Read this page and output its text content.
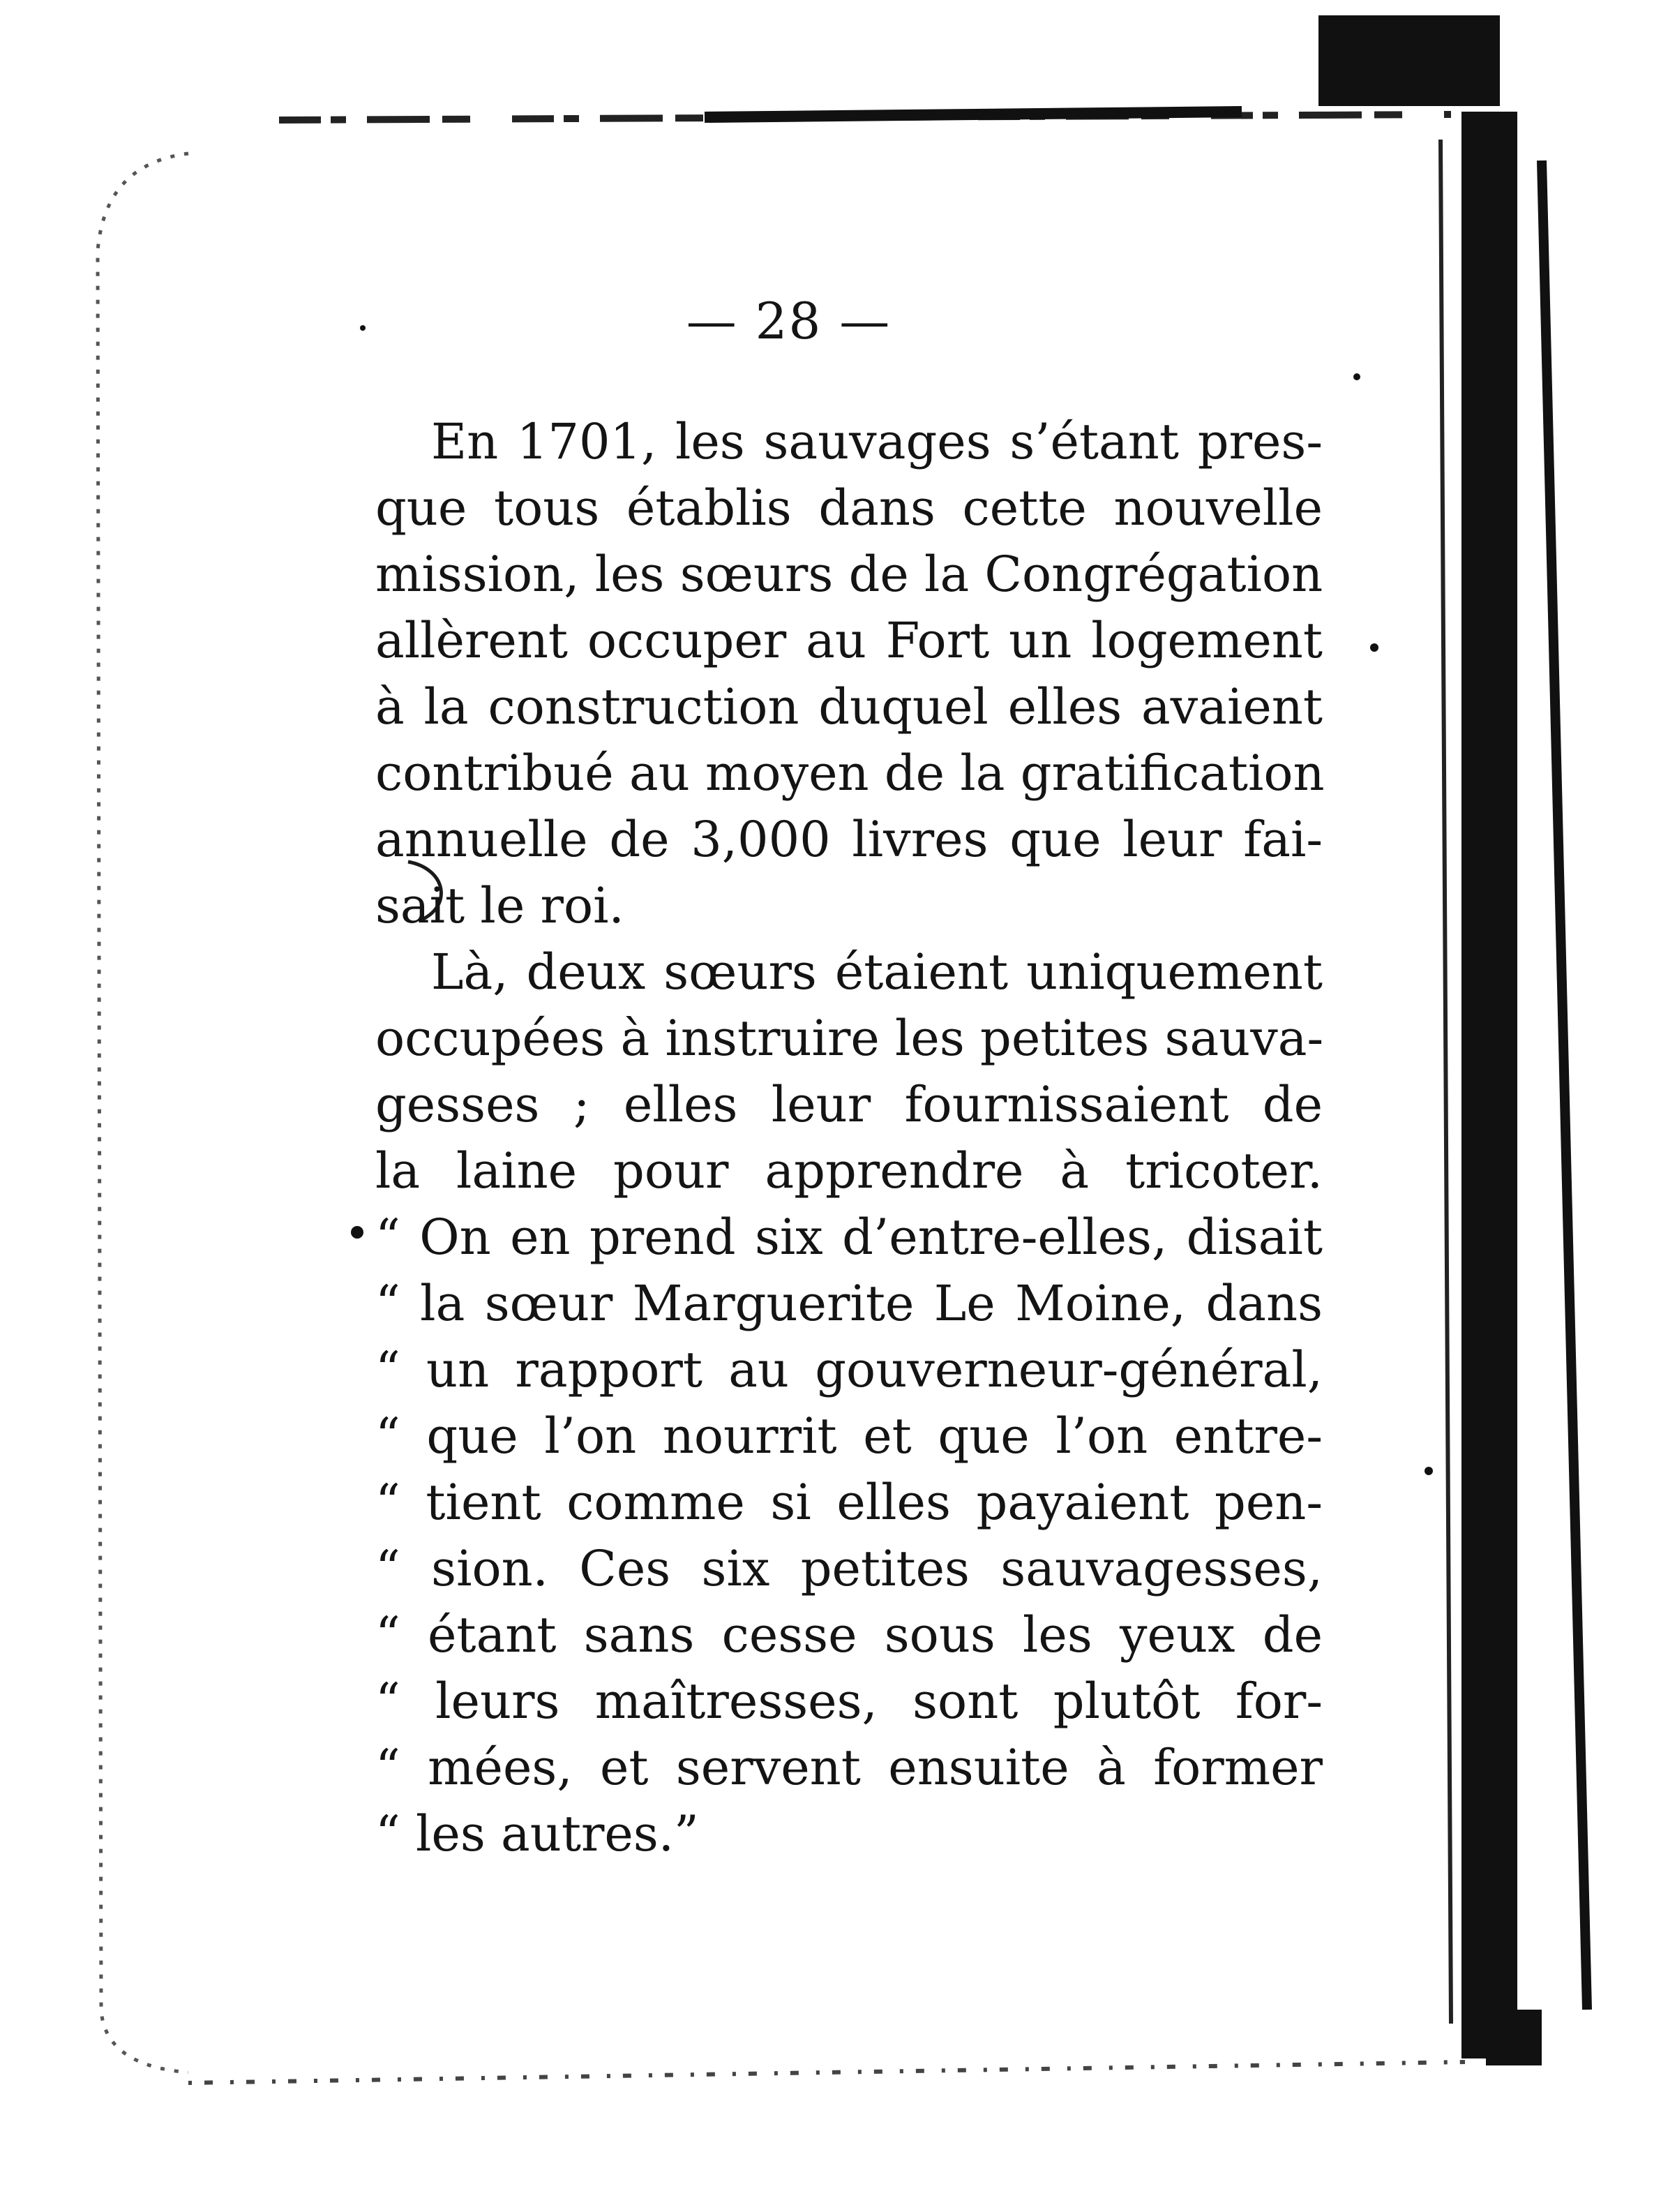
— 28 —
En 1701, les sauvages s’étant pres-
que tous établis dans cette nouvelle
mission, les sœurs de la Congrégation
allèrent occuper au Fort un logement
à la construction duquel elles avaient
contribué au moyen de la gratification
annuelle de 3,000 livres que leur fai-
sait le roi.
Là, deux sœurs étaient uniquement
occupées à instruire les petites sauva-
gesses ; elles leur fournissaient de
la laine pour apprendre à tricoter.
“ On en prend six d’entre-elles, disait
“ la sœur Marguerite Le Moine, dans
“ un rapport au gouverneur-général,
“ que l’on nourrit et que l’on entre-
“ tient comme si elles payaient pen-
“ sion. Ces six petites sauvagesses,
“ étant sans cesse sous les yeux de
“ leurs maîtresses, sont plutôt for-
“ mées, et servent ensuite à former
“ les autres.”
